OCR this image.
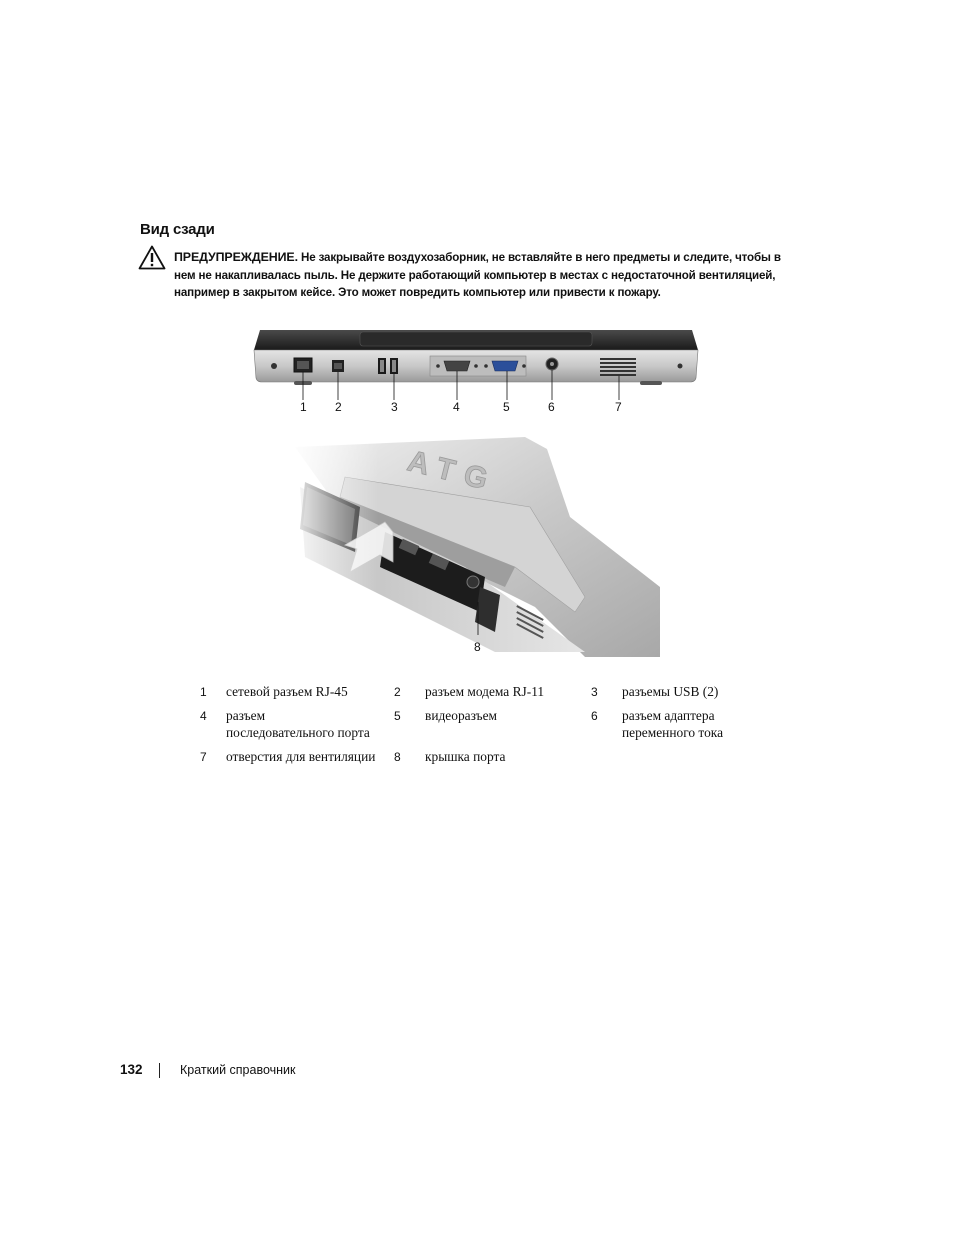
Вид сзади
ПРЕДУПРЕЖДЕНИЕ. Не закрывайте воздухозаборник, не вставляйте в него предметы и следите, чтобы в
нем не накапливалась пыль. Не держите работающий компьютер в местах с недостаточной вентиляцией,
например в закрытом кейсе. Это может повредить компьютер или привести к пожару.
1 2	3	4	5	6	7
8
1 сетевой разъем RJ-45	2 разъем модема RJ-11	3 разъемы USB (2)
4 разъем
последовательного порта
5 видеоразъем	6 разъем адаптера
переменного тока
7 отверстия для вентиляции	8 крышка порта
132	Краткий справочник
